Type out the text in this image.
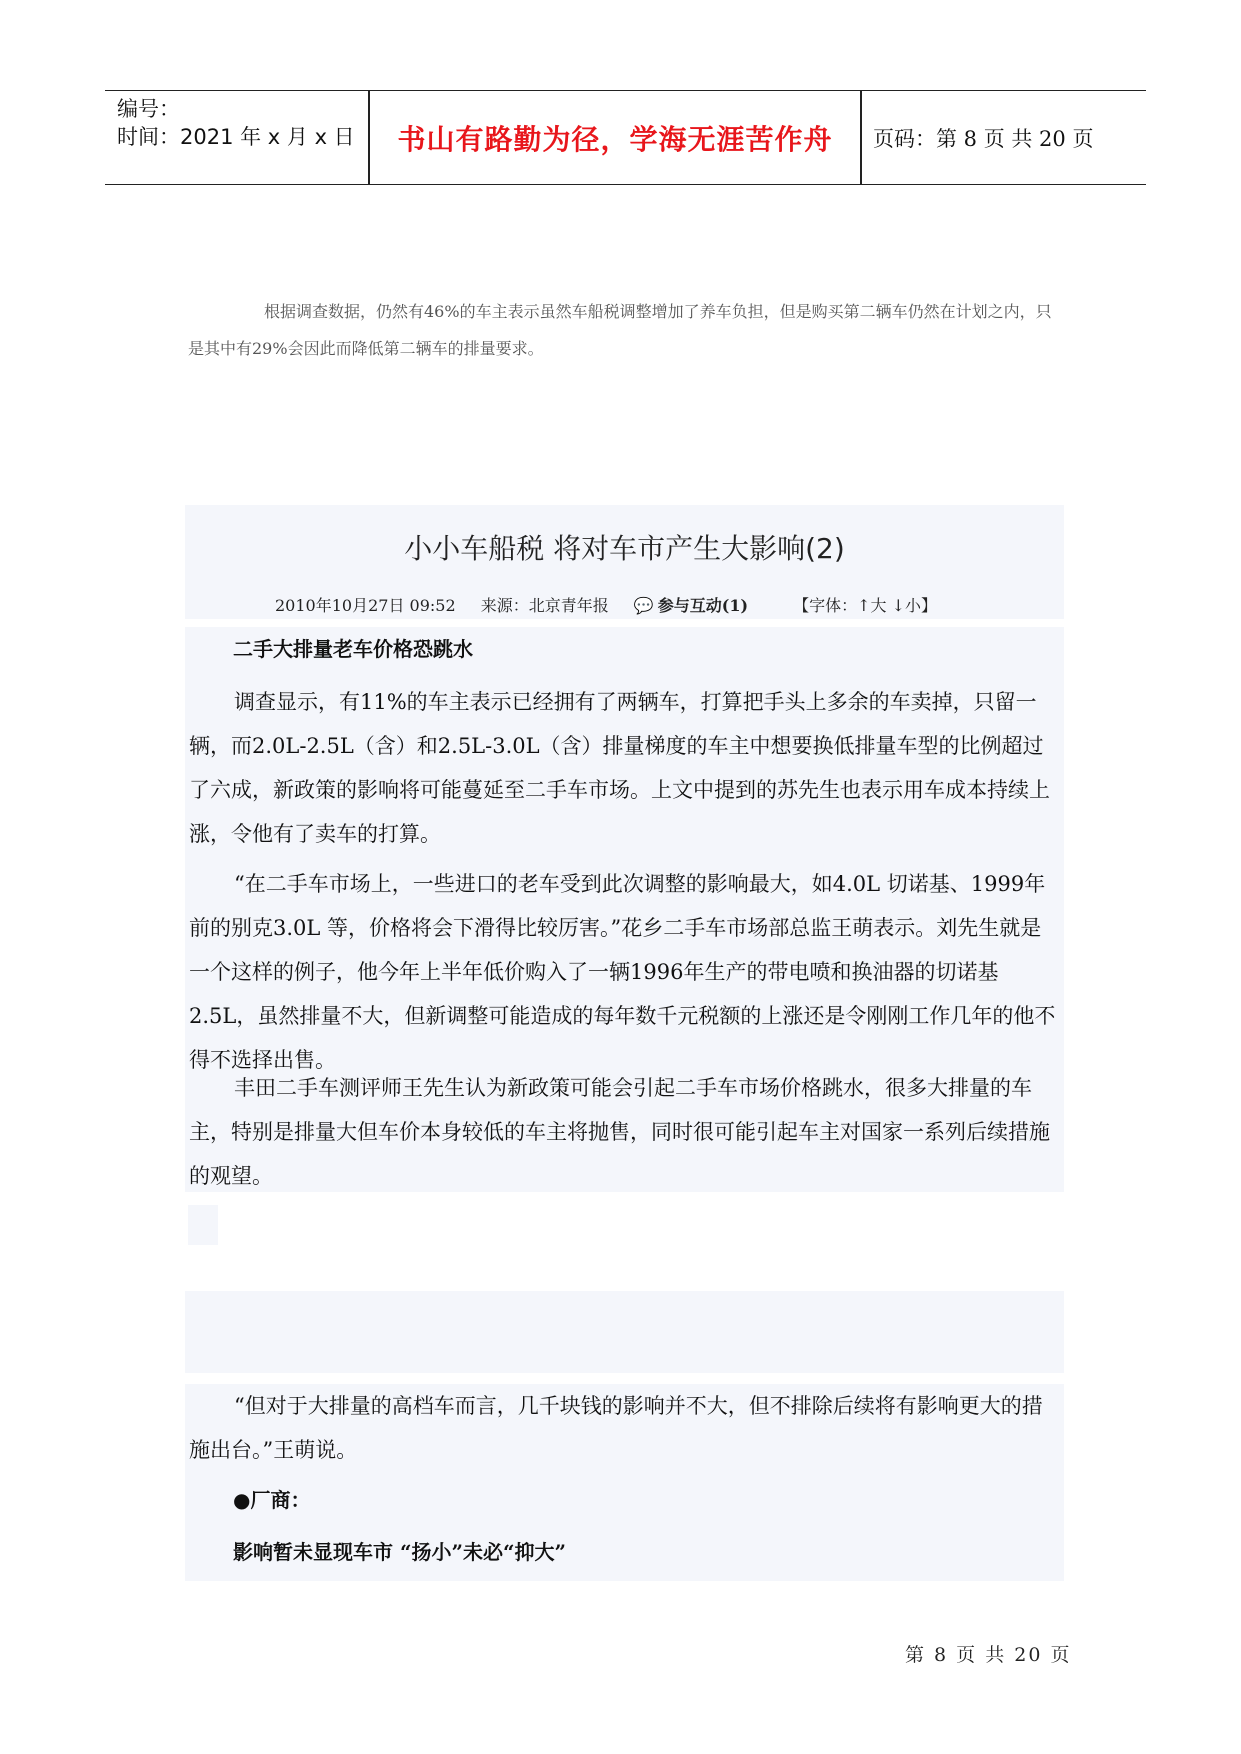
编号：
时间：2021 年 x 月 x 日	书山有路勤为径，学海无涯苦作舟	页码：第 8 页 共 20 页
根据调查数据，仍然有46%的车主表示虽然车船税调整增加了养车负担，但是购买第二辆车仍然在计划之内，只是其中有29%会因此而降低第二辆车的排量要求。
小小车船税 将对车市产生大影响(2)
2010年10月27日 09:52 来源：北京青年报 💬 参与互动(1)	【字体：↑大 ↓小】
二手大排量老车价格恐跳水
调查显示，有11%的车主表示已经拥有了两辆车，打算把手头上多余的车卖掉，只留一辆，而2.0L-2.5L（含）和2.5L-3.0L（含）排量梯度的车主中想要换低排量车型的比例超过了六成，新政策的影响将可能蔓延至二手车市场。上文中提到的苏先生也表示用车成本持续上涨，令他有了卖车的打算。
“在二手车市场上，一些进口的老车受到此次调整的影响最大，如4.0L 切诺基、1999年前的别克3.0L 等，价格将会下滑得比较厉害。”花乡二手车市场部总监王萌表示。刘先生就是一个这样的例子，他今年上半年低价购入了一辆1996年生产的带电喷和换油器的切诺基2.5L，虽然排量不大，但新调整可能造成的每年数千元税额的上涨还是令刚刚工作几年的他不得不选择出售。
丰田二手车测评师王先生认为新政策可能会引起二手车市场价格跳水，很多大排量的车主，特别是排量大但车价本身较低的车主将抛售，同时很可能引起车主对国家一系列后续措施的观望。
“但对于大排量的高档车而言，几千块钱的影响并不大，但不排除后续将有影响更大的措施出台。”王萌说。
●厂商：
影响暂未显现车市 “扬小”未必“抑大”
第 8 页 共 20 页
